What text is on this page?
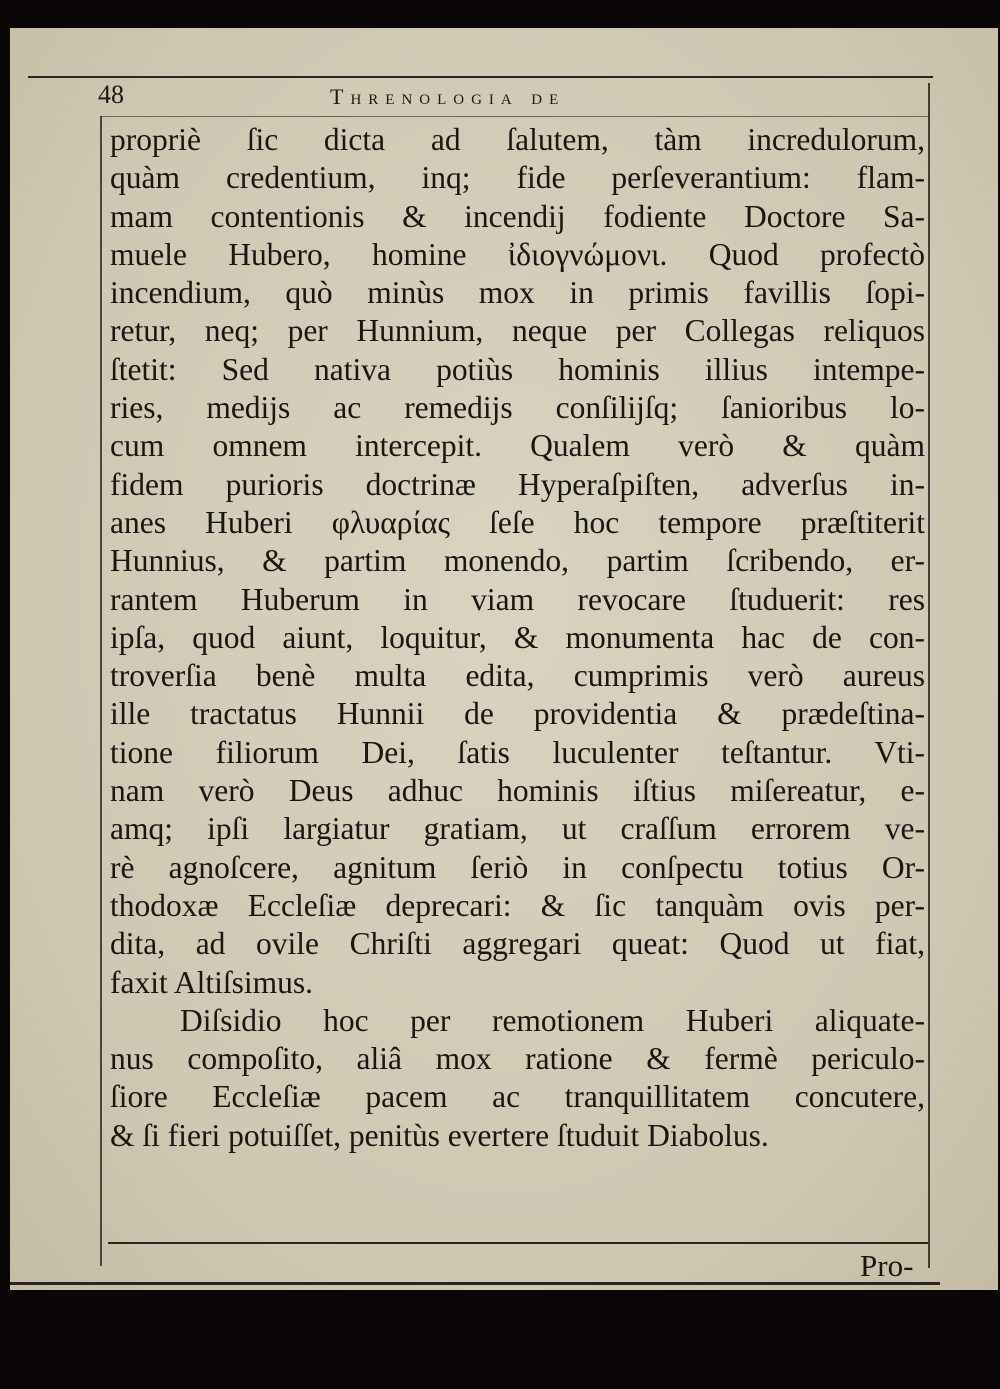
48	Threnologia de
propriè ſic dicta ad ſalutem, tàm incredulorum,
quàm credentium, inq; fide perſeverantium: flam-
mam contentionis & incendij fodiente Doctore Sa-
muele Hubero, homine ἰδιογνώμονι. Quod profectò
incendium, quò minùs mox in primis favillis ſopi-
retur, neq; per Hunnium, neque per Collegas reliquos
ſtetit: Sed nativa potiùs hominis illius intempe-
ries, medijs ac remedijs conſilijſq; ſanioribus lo-
cum omnem intercepit. Qualem verò & quàm
fidem purioris doctrinæ Hyperaſpiſten, adverſus in-
anes Huberi φλυαρίας ſeſe hoc tempore præſtiterit
Hunnius, & partim monendo, partim ſcribendo, er-
rantem Huberum in viam revocare ſtuduerit: res
ipſa, quod aiunt, loquitur, & monumenta hac de con-
troverſia benè multa edita, cumprimis verò aureus
ille tractatus Hunnii de providentia & prædeſtina-
tione filiorum Dei, ſatis luculenter teſtantur. Vti-
nam verò Deus adhuc hominis iſtius miſereatur, e-
amq; ipſi largiatur gratiam, ut craſſum errorem ve-
rè agnoſcere, agnitum ſeriò in conſpectu totius Or-
thodoxæ Eccleſiæ deprecari: & ſic tanquàm ovis per-
dita, ad ovile Chriſti aggregari queat: Quod ut fiat,
faxit Altiſsimus.
Diſsidio hoc per remotionem Huberi aliquate-
nus compoſito, aliâ mox ratione & fermè periculo-
ſiore Eccleſiæ pacem ac tranquillitatem concutere,
& ſi fieri potuiſſet, penitùs evertere ſtuduit Diabolus.
Pro-
